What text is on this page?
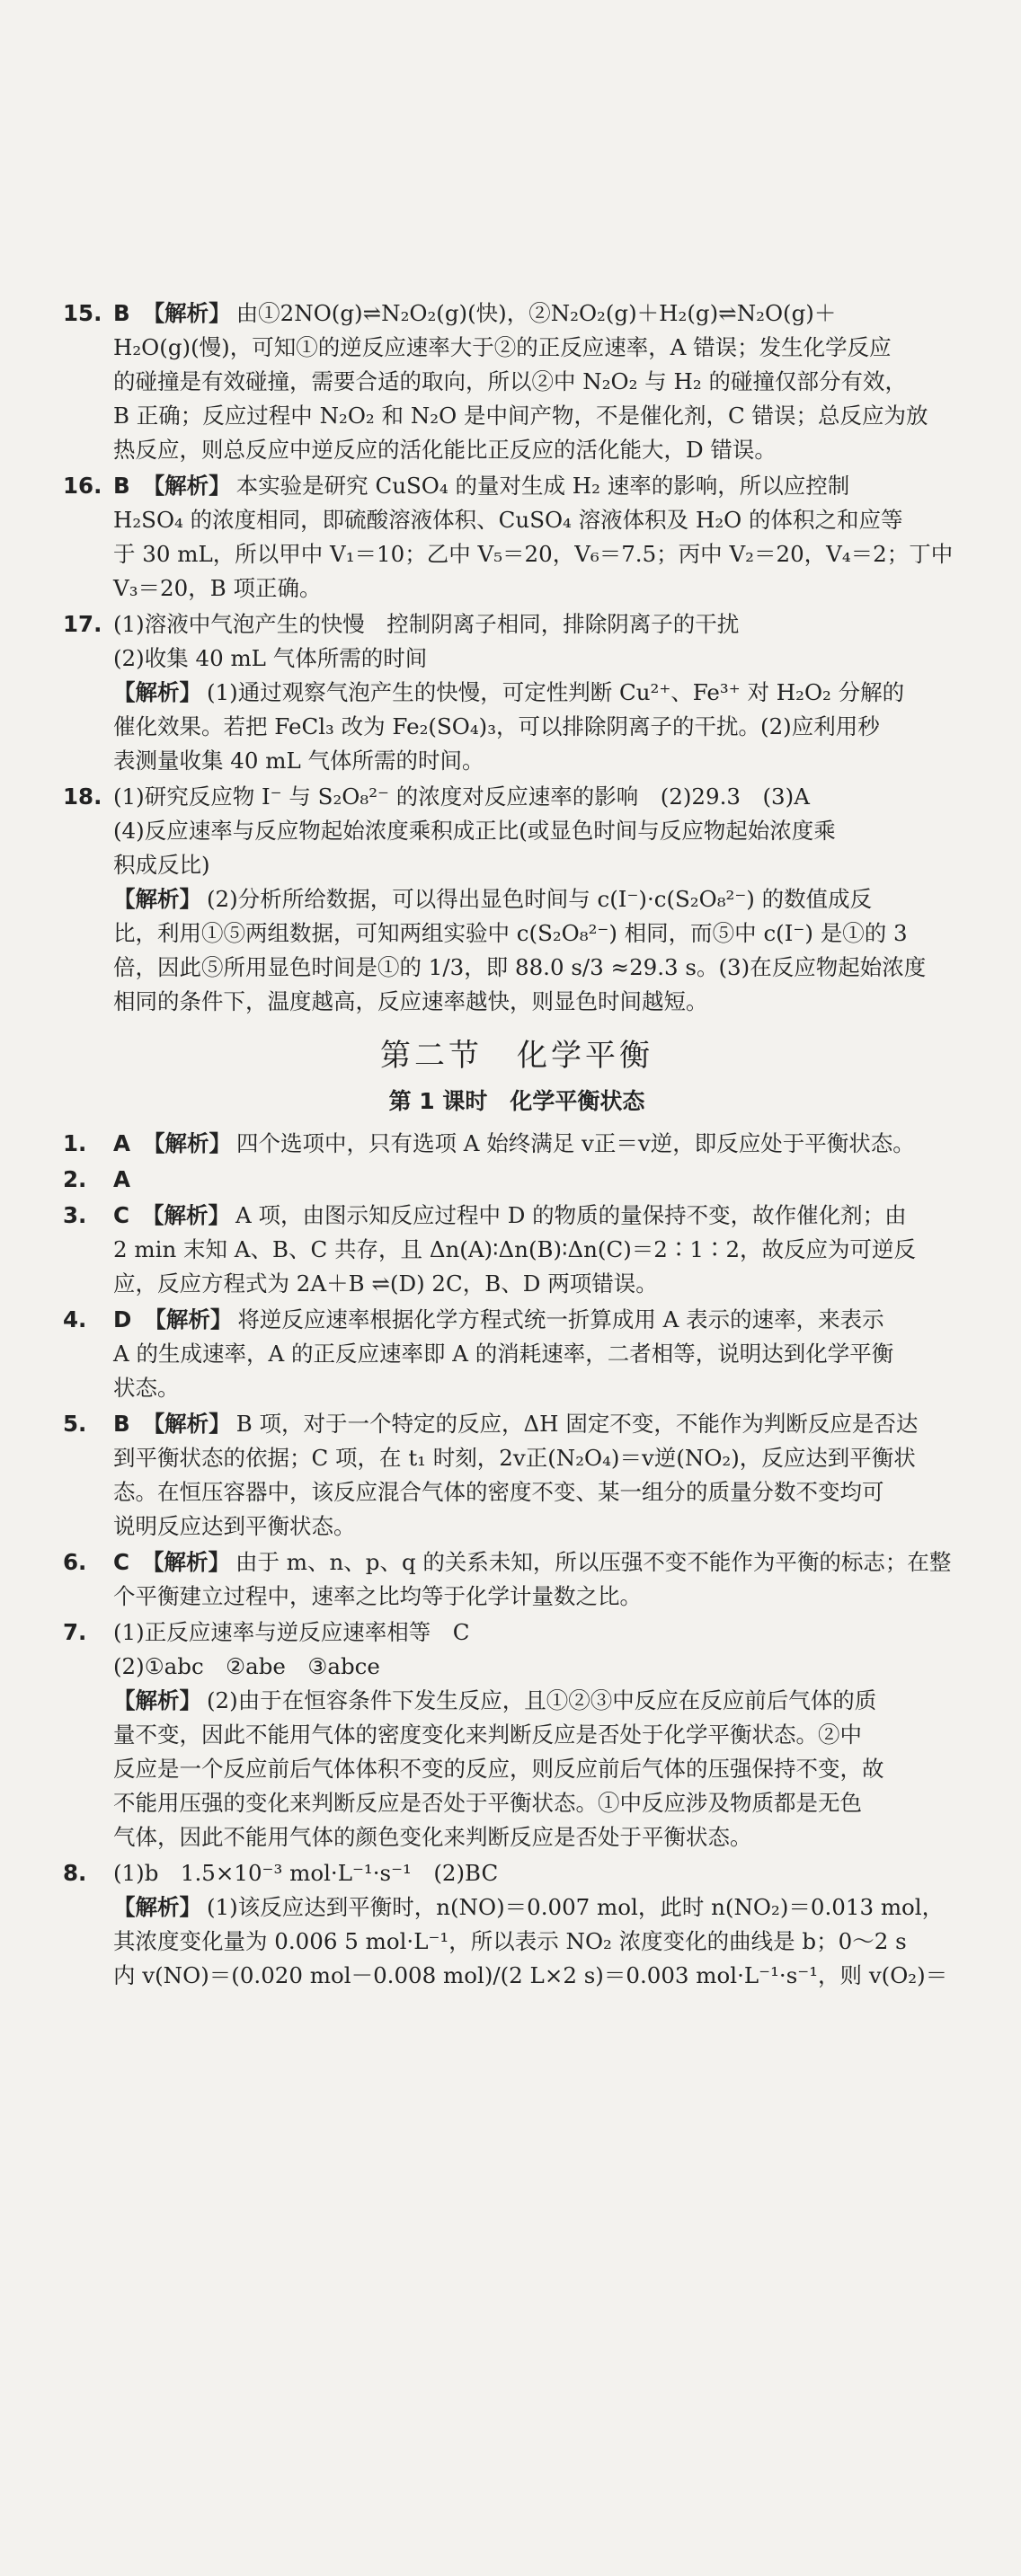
15. B 【解析】 由①2NO(g)⇌N₂O₂(g)(快)，②N₂O₂(g)＋H₂(g)⇌N₂O(g)＋
H₂O(g)(慢)，可知①的逆反应速率大于②的正反应速率，A 错误；发生化学反应
的碰撞是有效碰撞，需要合适的取向，所以②中 N₂O₂ 与 H₂ 的碰撞仅部分有效，
B 正确；反应过程中 N₂O₂ 和 N₂O 是中间产物，不是催化剂，C 错误；总反应为放
热反应，则总反应中逆反应的活化能比正反应的活化能大，D 错误。
16. B 【解析】 本实验是研究 CuSO₄ 的量对生成 H₂ 速率的影响，所以应控制
H₂SO₄ 的浓度相同，即硫酸溶液体积、CuSO₄ 溶液体积及 H₂O 的体积之和应等
于 30 mL，所以甲中 V₁＝10；乙中 V₅＝20，V₆＝7.5；丙中 V₂＝20，V₄＝2；丁中
V₃＝20，B 项正确。
17. (1)溶液中气泡产生的快慢　控制阴离子相同，排除阴离子的干扰
(2)收集 40 mL 气体所需的时间
【解析】 (1)通过观察气泡产生的快慢，可定性判断 Cu²⁺、Fe³⁺ 对 H₂O₂ 分解的
催化效果。若把 FeCl₃ 改为 Fe₂(SO₄)₃，可以排除阴离子的干扰。(2)应利用秒
表测量收集 40 mL 气体所需的时间。
18. (1)研究反应物 I⁻ 与 S₂O₈²⁻ 的浓度对反应速率的影响　(2)29.3　(3)A
(4)反应速率与反应物起始浓度乘积成正比(或显色时间与反应物起始浓度乘
积成反比)
【解析】 (2)分析所给数据，可以得出显色时间与 c(I⁻)·c(S₂O₈²⁻) 的数值成反
比，利用①⑤两组数据，可知两组实验中 c(S₂O₈²⁻) 相同，而⑤中 c(I⁻) 是①的 3
倍，因此⑤所用显色时间是①的 1/3，即 88.0 s/3 ≈29.3 s。(3)在反应物起始浓度
相同的条件下，温度越高，反应速率越快，则显色时间越短。
第二节　化学平衡
第 1 课时　化学平衡状态
1. A 【解析】 四个选项中，只有选项 A 始终满足 v正＝v逆，即反应处于平衡状态。
2. A
3. C 【解析】 A 项，由图示知反应过程中 D 的物质的量保持不变，故作催化剂；由
2 min 末知 A、B、C 共存，且 Δn(A)∶Δn(B)∶Δn(C)＝2∶1∶2，故反应为可逆反
应，反应方程式为 2A＋B ⇌(D) 2C，B、D 两项错误。
4. D 【解析】 将逆反应速率根据化学方程式统一折算成用 A 表示的速率，来表示
A 的生成速率，A 的正反应速率即 A 的消耗速率，二者相等，说明达到化学平衡
状态。
5. B 【解析】 B 项，对于一个特定的反应，ΔH 固定不变，不能作为判断反应是否达
到平衡状态的依据；C 项，在 t₁ 时刻，2v正(N₂O₄)＝v逆(NO₂)，反应达到平衡状
态。在恒压容器中，该反应混合气体的密度不变、某一组分的质量分数不变均可
说明反应达到平衡状态。
6. C 【解析】 由于 m、n、p、q 的关系未知，所以压强不变不能作为平衡的标志；在整
个平衡建立过程中，速率之比均等于化学计量数之比。
7. (1)正反应速率与逆反应速率相等　C
(2)①abc　②abe　③abce
【解析】 (2)由于在恒容条件下发生反应，且①②③中反应在反应前后气体的质
量不变，因此不能用气体的密度变化来判断反应是否处于化学平衡状态。②中
反应是一个反应前后气体体积不变的反应，则反应前后气体的压强保持不变，故
不能用压强的变化来判断反应是否处于平衡状态。①中反应涉及物质都是无色
气体，因此不能用气体的颜色变化来判断反应是否处于平衡状态。
8. (1)b　1.5×10⁻³ mol·L⁻¹·s⁻¹　(2)BC
【解析】 (1)该反应达到平衡时，n(NO)＝0.007 mol，此时 n(NO₂)＝0.013 mol，
其浓度变化量为 0.006 5 mol·L⁻¹，所以表示 NO₂ 浓度变化的曲线是 b；0～2 s
内 v(NO)＝(0.020 mol－0.008 mol)/(2 L×2 s)＝0.003 mol·L⁻¹·s⁻¹，则 v(O₂)＝
